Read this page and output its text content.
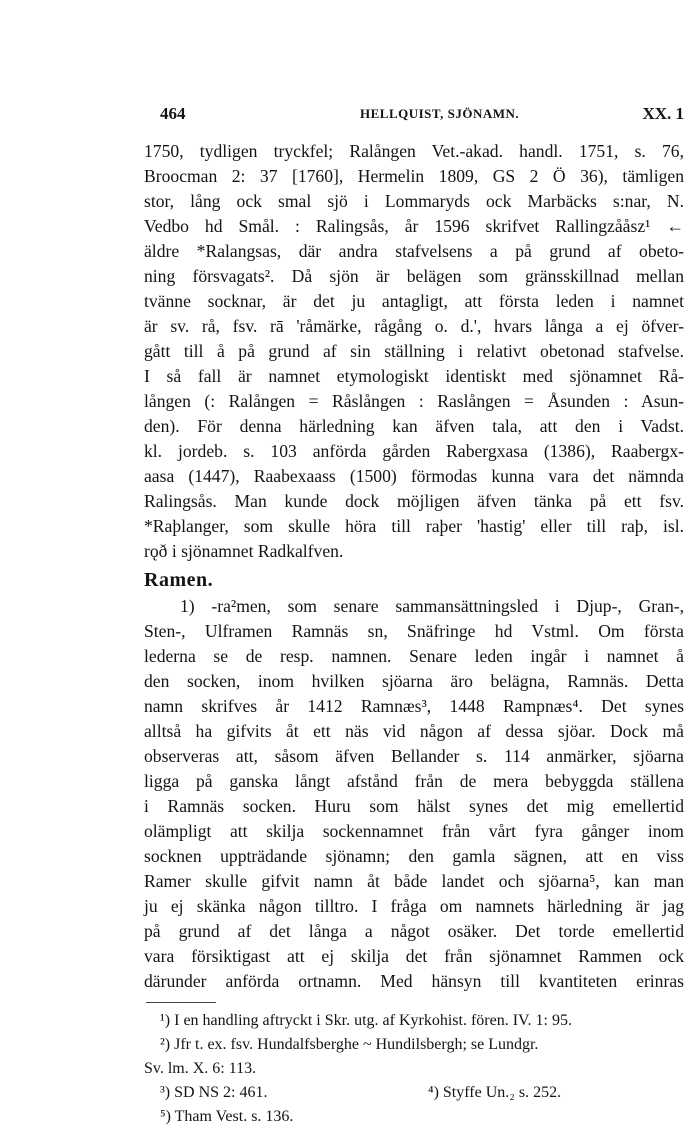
464	HELLQUIST, SJÖNAMN.	XX. 1
1750, tydligen tryckfel; Ralången Vet.-akad. handl. 1751, s. 76,
Broocman 2: 37 [1760], Hermelin 1809, GS 2 Ö 36), tämligen
stor, lång ock smal sjö i Lommaryds ock Marbäcks s:nar, N.
Vedbo hd Smål. : Ralingsås, år 1596 skrifvet Rallingzååsz¹ ←
äldre *Ralangsas, där andra stafvelsens a på grund af obeto-
ning försvagats². Då sjön är belägen som gränsskillnad mellan
tvänne socknar, är det ju antagligt, att första leden i namnet
är sv. rå, fsv. rā 'råmärke, rågång o. d.', hvars långa a ej öfver-
gått till å på grund af sin ställning i relativt obetonad stafvelse.
I så fall är namnet etymologiskt identiskt med sjönamnet Rå-
lången (: Ralången = Råslången : Raslången = Åsunden : Asun-
den). För denna härledning kan äfven tala, att den i Vadst.
kl. jordeb. s. 103 anförda gården Rabergxasa (1386), Raabergx-
aasa (1447), Raabexaass (1500) förmodas kunna vara det nämnda
Ralingsås. Man kunde dock möjligen äfven tänka på ett fsv.
*Raþlanger, som skulle höra till raþer 'hastig' eller till raþ, isl.
rǫð i sjönamnet Radkalfven.
Ramen.
1) -ra²men, som senare sammansättningsled i Djup-, Gran-,
Sten-, Ulframen Ramnäs sn, Snäfringe hd Vstml. Om första
lederna se de resp. namnen. Senare leden ingår i namnet å
den socken, inom hvilken sjöarna äro belägna, Ramnäs. Detta
namn skrifves år 1412 Ramnæs³, 1448 Rampnæs⁴. Det synes
alltså ha gifvits åt ett näs vid någon af dessa sjöar. Dock må
observeras att, såsom äfven Bellander s. 114 anmärker, sjöarna
ligga på ganska långt afstånd från de mera bebyggda ställena
i Ramnäs socken. Huru som hälst synes det mig emellertid
olämpligt att skilja sockennamnet från vårt fyra gånger inom
socknen uppträdande sjönamn; den gamla sägnen, att en viss
Ramer skulle gifvit namn åt både landet och sjöarna⁵, kan man
ju ej skänka någon tilltro. I fråga om namnets härledning är jag
på grund af det långa a något osäker. Det torde emellertid
vara försiktigast att ej skilja det från sjönamnet Rammen ock
därunder anförda ortnamn. Med hänsyn till kvantiteten erinras
¹) I en handling aftryckt i Skr. utg. af Kyrkohist. fören. IV. 1: 95.
²) Jfr t. ex. fsv. Hundalfsberghe ~ Hundilsbergh; se Lundgr.
Sv. lm. X. 6: 113.
³) SD NS 2: 461.	⁴) Styffe Un.₂ s. 252.
⁵) Tham Vest. s. 136.
